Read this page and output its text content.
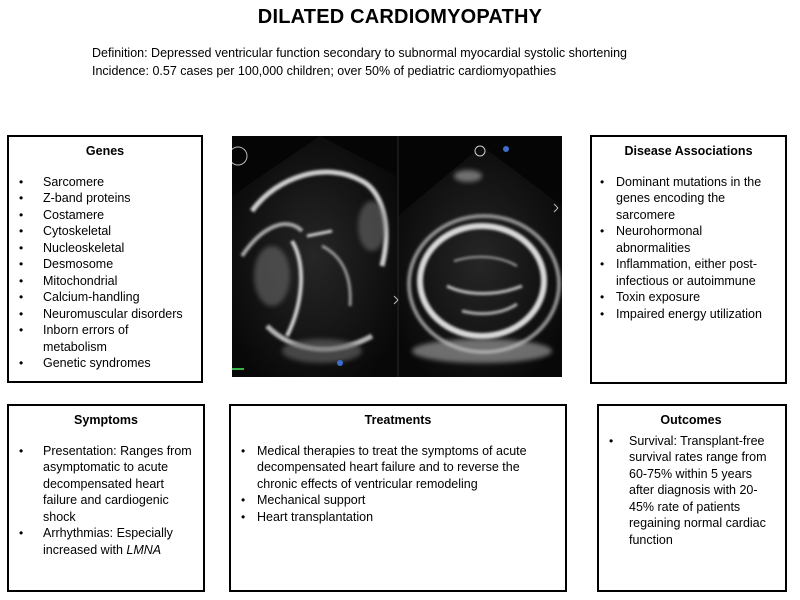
DILATED CARDIOMYOPATHY
Definition: Depressed ventricular function secondary to subnormal myocardial systolic shortening
Incidence: 0.57 cases per 100,000 children; over 50% of pediatric cardiomyopathies
Genes
• Sarcomere
• Z-band proteins
• Costamere
• Cytoskeletal
• Nucleoskeletal
• Desmosome
• Mitochondrial
• Calcium-handling
• Neuromuscular disorders
• Inborn errors of metabolism
• Genetic syndromes
Disease Associations
• Dominant mutations in the genes encoding the sarcomere
• Neurohormonal abnormalities
• Inflammation, either post-infectious or autoimmune
• Toxin exposure
• Impaired energy utilization
Symptoms
• Presentation: Ranges from asymptomatic to acute decompensated heart failure and cardiogenic shock
• Arrhythmias: Especially increased with LMNA
Treatments
• Medical therapies to treat the symptoms of acute decompensated heart failure and to reverse the chronic effects of ventricular remodeling
• Mechanical support
• Heart transplantation
Outcomes
• Survival: Transplant-free survival rates range from 60-75% within 5 years after diagnosis with 20-45% rate of patients regaining normal cardiac function
